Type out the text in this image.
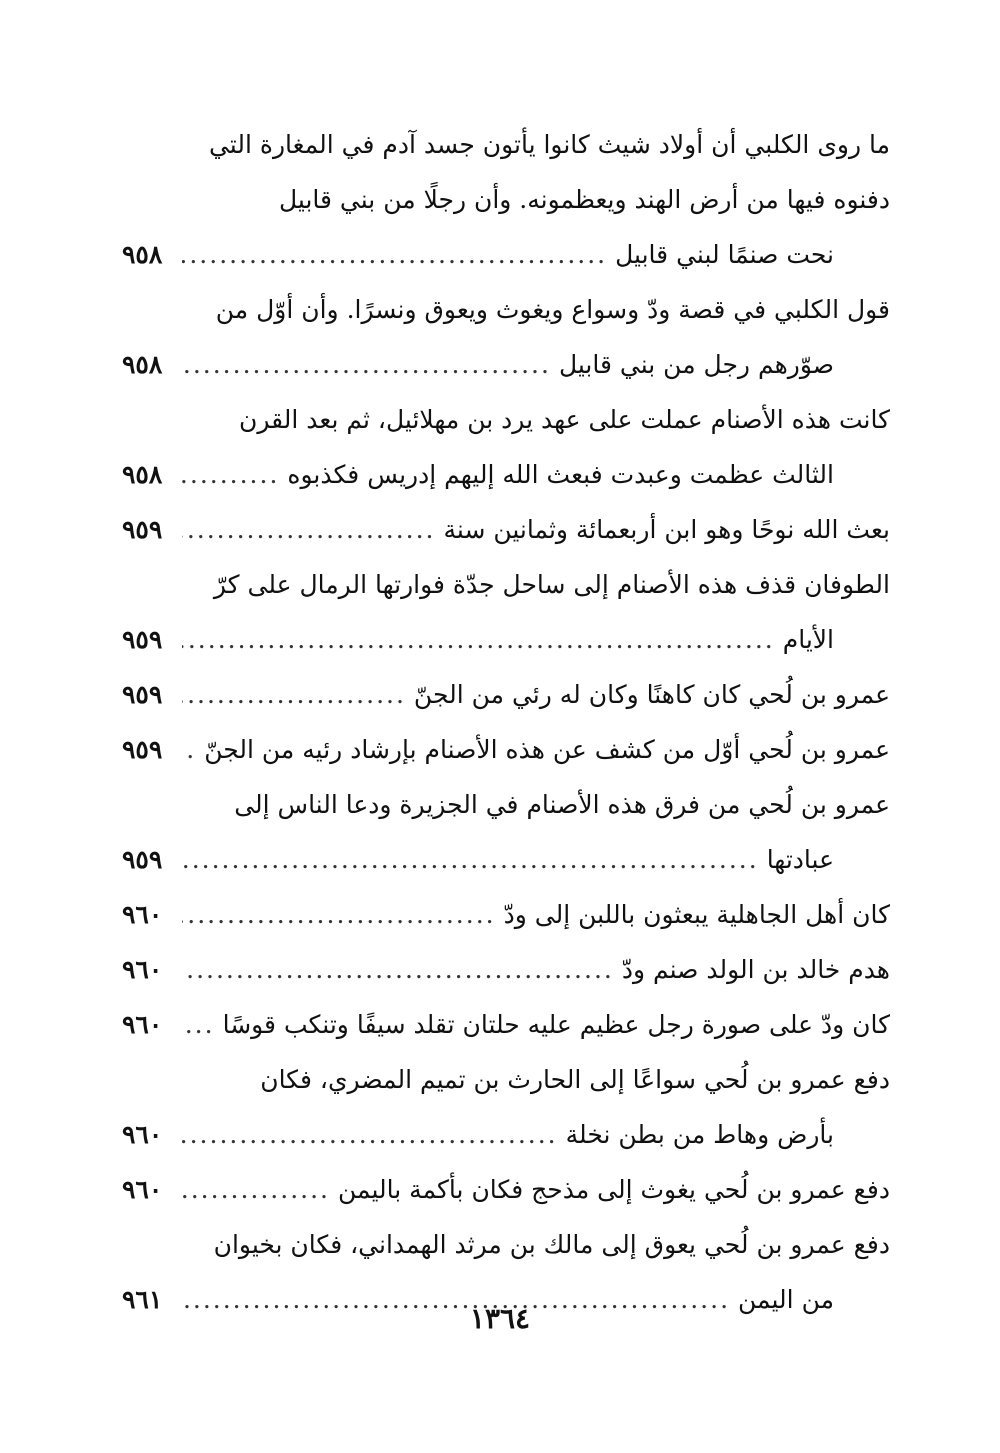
ما روى الكلبي أن أولاد شيث كانوا يأتون جسد آدم في المغارة التي
دفنوه فيها من أرض الهند ويعظمونه. وأن رجلًا من بني قابيل
نحت صنمًا لبني قابيل
.....
٩٥٨
قول الكلبي في قصة ودّ وسواع ويغوث ويعوق ونسرًا. وأن أوّل من
صوّرهم رجل من بني قابيل
.....
٩٥٨
كانت هذه الأصنام عملت على عهد يرد بن مهلائيل، ثم بعد القرن
الثالث عظمت وعبدت فبعث الله إليهم إدريس فكذبوه
.....
٩٥٨
بعث الله نوحًا وهو ابن أربعمائة وثمانين سنة
.....
٩٥٩
الطوفان قذف هذه الأصنام إلى ساحل جدّة فوارتها الرمال على كرّ
الأيام
.....
٩٥٩
عمرو بن لُحي كان كاهنًا وكان له رئي من الجنّ
.....
٩٥٩
عمرو بن لُحي أوّل من كشف عن هذه الأصنام بإرشاد رئيه من الجنّ
.....
٩٥٩
عمرو بن لُحي من فرق هذه الأصنام في الجزيرة ودعا الناس إلى
عبادتها
.....
٩٥٩
كان أهل الجاهلية يبعثون باللبن إلى ودّ
.....
٩٦٠
هدم خالد بن الولد صنم ودّ
.....
٩٦٠
كان ودّ على صورة رجل عظيم عليه حلتان تقلد سيفًا وتنكب قوسًا
.....
٩٦٠
دفع عمرو بن لُحي سواعًا إلى الحارث بن تميم المضري، فكان
بأرض وهاط من بطن نخلة
.....
٩٦٠
دفع عمرو بن لُحي يغوث إلى مذحج فكان بأكمة باليمن
.....
٩٦٠
دفع عمرو بن لُحي يعوق إلى مالك بن مرثد الهمداني، فكان بخيوان
من اليمن
.....
٩٦١
١٣٦٤
